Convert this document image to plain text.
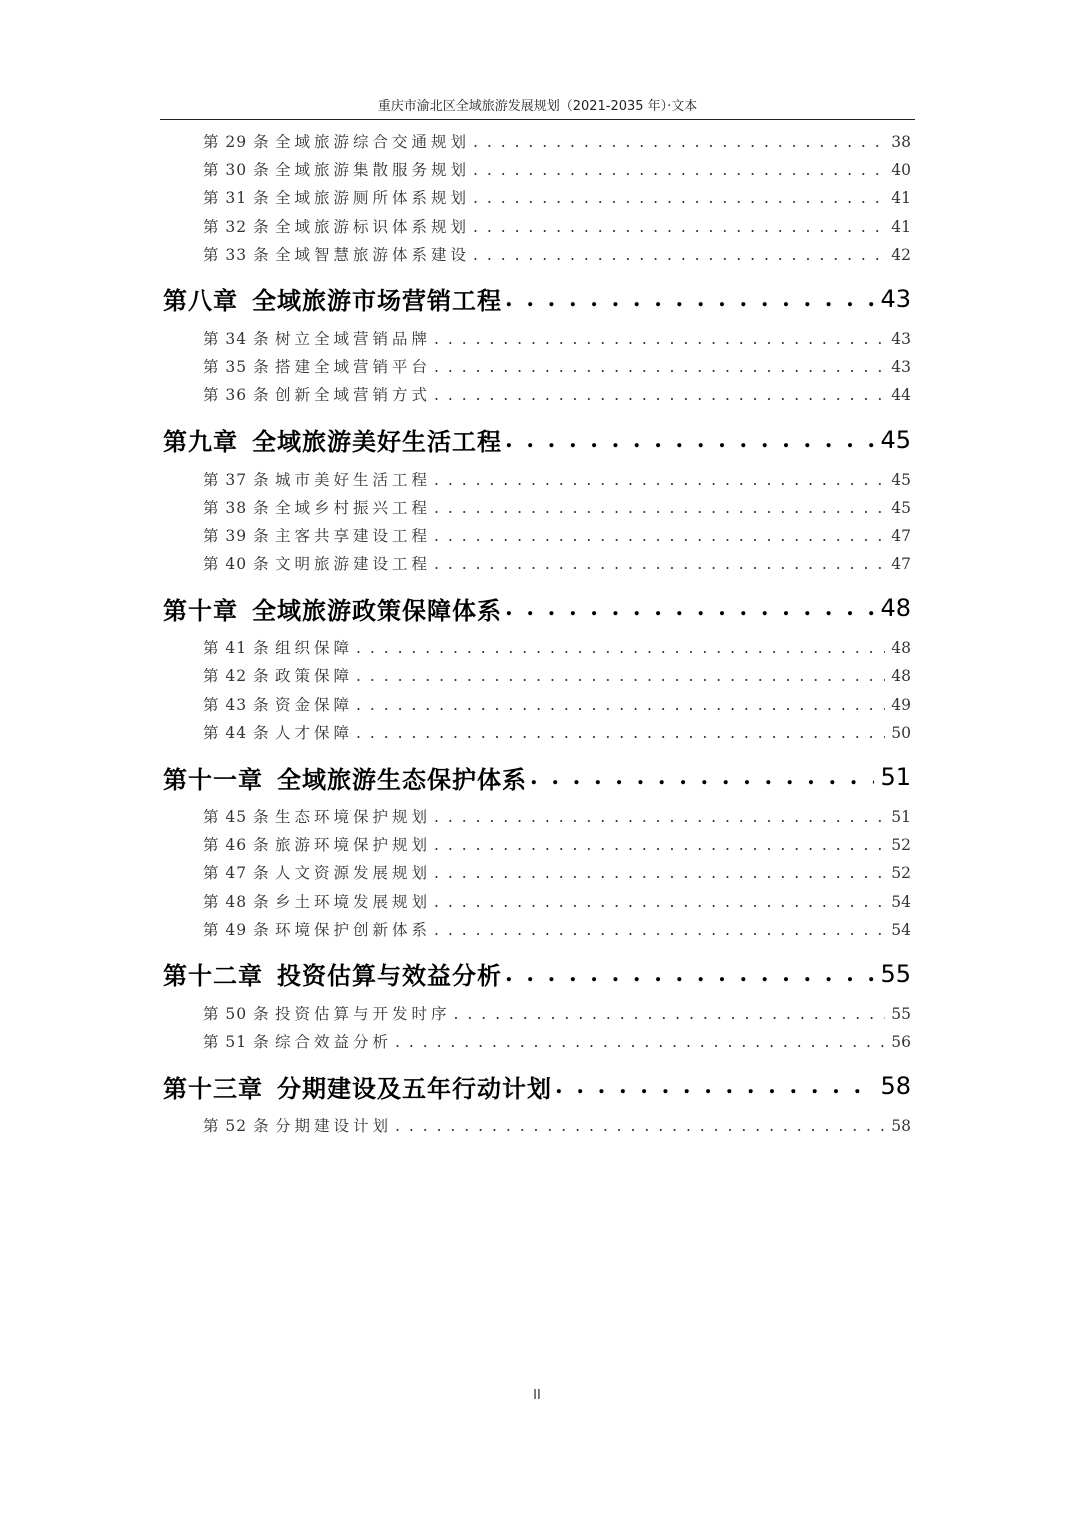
重庆市渝北区全域旅游发展规划（2021-2035 年）·文本
第 29 条 全域旅游综合交通规划 . . .	38
第 30 条 全域旅游集散服务规划 . . .	40
第 31 条 全域旅游厕所体系规划 . . .	41
第 32 条 全域旅游标识体系规划 . . .	41
第 33 条 全域智慧旅游体系建设 . . .	42
第八章 全域旅游市场营销工程 . . .	43
第 34 条 树立全域营销品牌 . . .	43
第 35 条 搭建全域营销平台 . . .	43
第 36 条 创新全域营销方式 . . .	44
第九章 全域旅游美好生活工程 . . .	45
第 37 条 城市美好生活工程 . . .	45
第 38 条 全域乡村振兴工程 . . .	45
第 39 条 主客共享建设工程 . . .	47
第 40 条 文明旅游建设工程 . . .	47
第十章 全域旅游政策保障体系 . . .	48
第 41 条 组织保障 . . .	48
第 42 条 政策保障 . . .	48
第 43 条 资金保障 . . .	49
第 44 条 人才保障 . . .	50
第十一章 全域旅游生态保护体系 . . .	51
第 45 条 生态环境保护规划 . . .	51
第 46 条 旅游环境保护规划 . . .	52
第 47 条 人文资源发展规划 . . .	52
第 48 条 乡土环境发展规划 . . .	54
第 49 条 环境保护创新体系 . . .	54
第十二章 投资估算与效益分析 . . .	55
第 50 条 投资估算与开发时序 . . .	55
第 51 条 综合效益分析 . . .	56
第十三章 分期建设及五年行动计划 . . .	58
第 52 条 分期建设计划 . . .	58
II
